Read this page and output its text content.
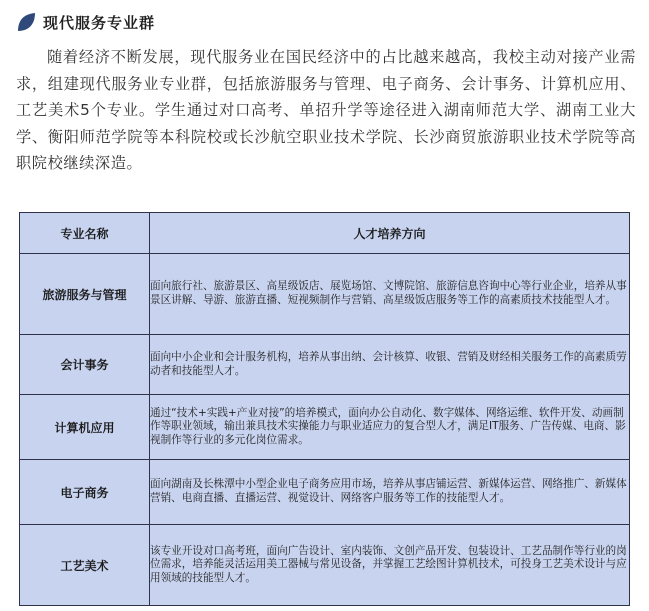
现代服务专业群

随着经济不断发展，现代服务业在国民经济中的占比越来越高，我校主动对接产业需求，组建现代服务业专业群，包括旅游服务与管理、电子商务、会计事务、计算机应用、工艺美术5个专业。学生通过对口高考、单招升学等途径进入湖南师范大学、湖南工业大学、衡阳师范学院等本科院校或长沙航空职业技术学院、长沙商贸旅游职业技术学院等高职院校继续深造。

专业名称	人才培养方向
旅游服务与管理	面向旅行社、旅游景区、高星级饭店、展览场馆、文博院馆、旅游信息咨询中心等行业企业，培养从事景区讲解、导游、旅游直播、短视频制作与营销、高星级饭店服务等工作的高素质技术技能型人才。
会计事务	面向中小企业和会计服务机构，培养从事出纳、会计核算、收银、营销及财经相关服务工作的高素质劳动者和技能型人才。
计算机应用	通过“技术+实践+产业对接”的培养模式，面向办公自动化、数字媒体、网络运维、软件开发、动画制作等职业领域，输出兼具技术实操能力与职业适应力的复合型人才，满足IT服务、广告传媒、电商、影视制作等行业的多元化岗位需求。
电子商务	面向湖南及长株潭中小型企业电子商务应用市场，培养从事店铺运营、新媒体运营、网络推广、新媒体营销、电商直播、直播运营、视觉设计、网络客户服务等工作的技能型人才。
工艺美术	该专业开设对口高考班，面向广告设计、室内装饰、文创产品开发、包装设计、工艺品制作等行业的岗位需求，培养能灵活运用美工器械与常见设备，并掌握工艺绘图计算机技术，可投身工艺美术设计与应用领域的技能型人才。
